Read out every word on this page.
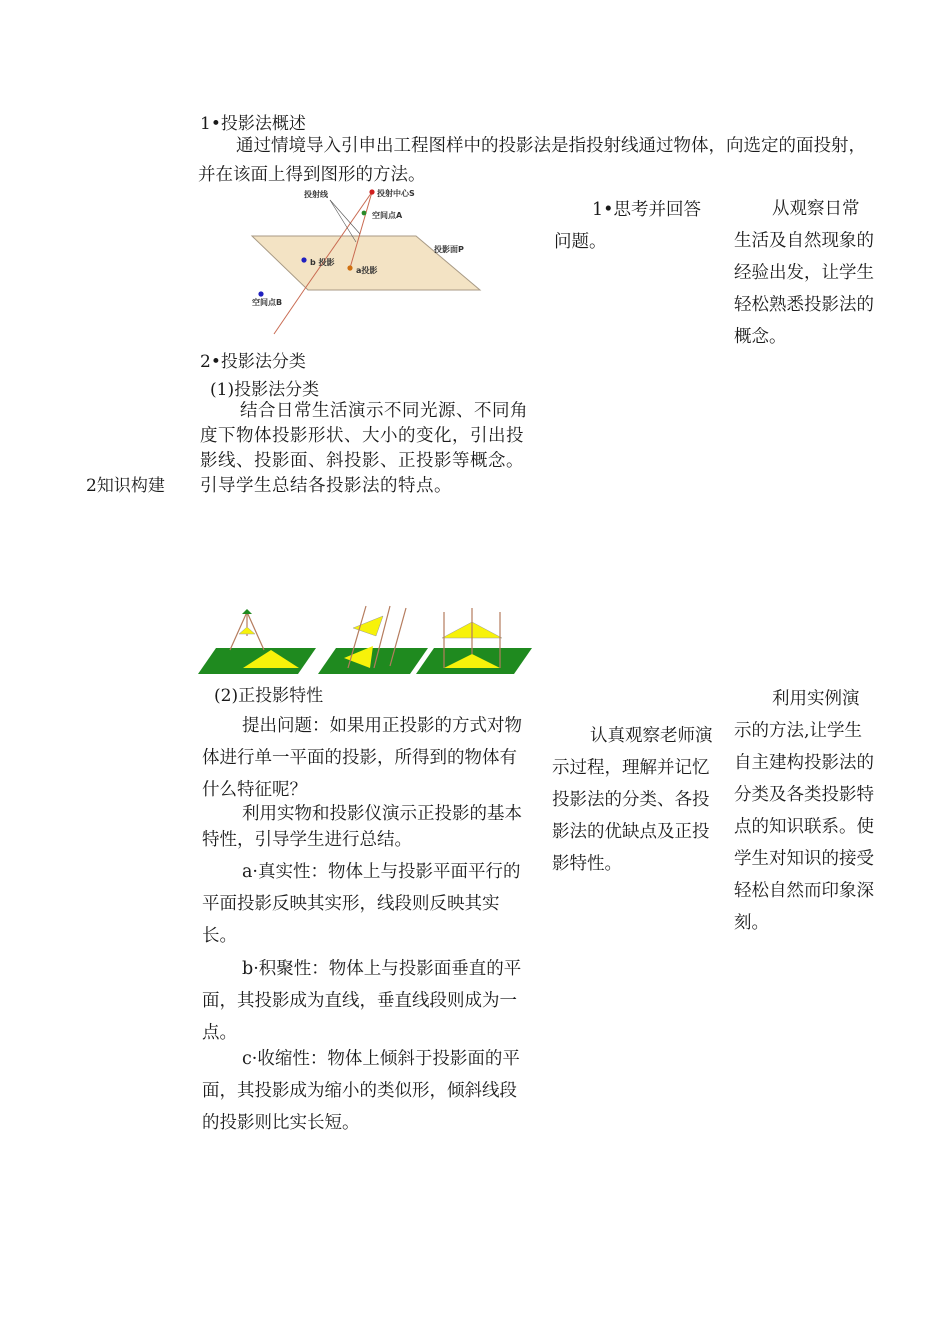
2知识构建
1•投影法概述
通过情境导入引申出工程图样中的投影法是指投射线通过物体，向选定的面投射，并在该面上得到图形的方法。
投射线	投射中心S
空间点A
投影面P
b 投影
a投影
空间点B
2•投影法分类
(1)投影法分类
结合日常生活演示不同光源、不同角度下物体投影形状、大小的变化，引出投影线、投影面、斜投影、正投影等概念。引导学生总结各投影法的特点。
(2)正投影特性
提出问题：如果用正投影的方式对物体进行单一平面的投影，所得到的物体有什么特征呢？
利用实物和投影仪演示正投影的基本特性，引导学生进行总结。
a·真实性：物体上与投影平面平行的平面投影反映其实形，线段则反映其实长。
b·积聚性：物体上与投影面垂直的平面，其投影成为直线，垂直线段则成为一点。
c·收缩性：物体上倾斜于投影面的平面，其投影成为缩小的类似形，倾斜线段的投影则比实长短。
1•思考并回答问题。
认真观察老师演示过程，理解并记忆投影法的分类、各投影法的优缺点及正投影特性。
从观察日常生活及自然现象的经验出发，让学生轻松熟悉投影法的概念。
利用实例演示的方法,让学生自主建构投影法的分类及各类投影特点的知识联系。使学生对知识的接受轻松自然而印象深刻。
